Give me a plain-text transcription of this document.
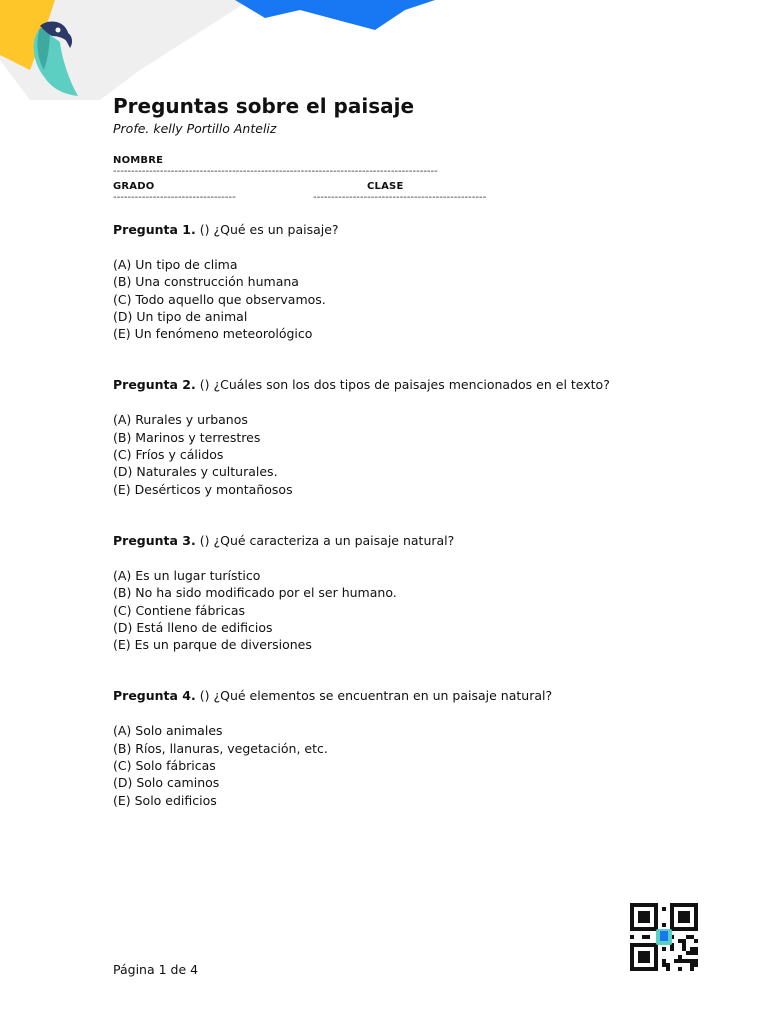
Preguntas sobre el paisaje
Profe. kelly Portillo Anteliz
NOMBRE
------------------------------------------------------------------------------------------
GRADO
----------------------------------
CLASE
------------------------------------------------

Pregunta 1. () ¿Qué es un paisaje?

(A) Un tipo de clima
(B) Una construcción humana
(C) Todo aquello que observamos.
(D) Un tipo de animal
(E) Un fenómeno meteorológico

Pregunta 2. () ¿Cuáles son los dos tipos de paisajes mencionados en el texto?

(A) Rurales y urbanos
(B) Marinos y terrestres
(C) Fríos y cálidos
(D) Naturales y culturales.
(E) Desérticos y montañosos

Pregunta 3. () ¿Qué caracteriza a un paisaje natural?

(A) Es un lugar turístico
(B) No ha sido modificado por el ser humano.
(C) Contiene fábricas
(D) Está lleno de edificios
(E) Es un parque de diversiones

Pregunta 4. () ¿Qué elementos se encuentran en un paisaje natural?

(A) Solo animales
(B) Ríos, llanuras, vegetación, etc.
(C) Solo fábricas
(D) Solo caminos
(E) Solo edificios
Página 1 de 4
